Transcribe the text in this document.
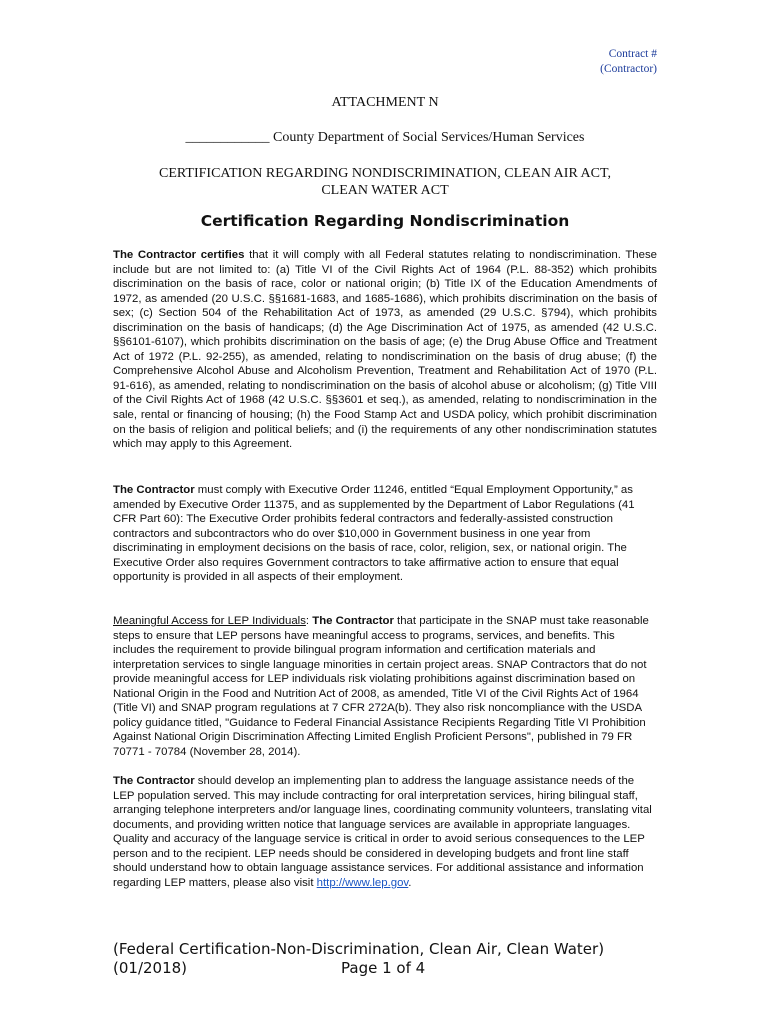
Contract #
(Contractor)
ATTACHMENT N
____________ County Department of Social Services/Human Services
CERTIFICATION REGARDING NONDISCRIMINATION, CLEAN AIR ACT,
CLEAN WATER ACT
Certification Regarding Nondiscrimination

The Contractor certifies that it will comply with all Federal statutes relating to nondiscrimination. These include but are not limited to: (a) Title VI of the Civil Rights Act of 1964 (P.L. 88-352) which prohibits discrimination on the basis of race, color or national origin; (b) Title IX of the Education Amendments of 1972, as amended (20 U.S.C. §§1681-1683, and 1685-1686), which prohibits discrimination on the basis of sex; (c) Section 504 of the Rehabilitation Act of 1973, as amended (29 U.S.C. §794), which prohibits discrimination on the basis of handicaps; (d) the Age Discrimination Act of 1975, as amended (42 U.S.C. §§6101-6107), which prohibits discrimination on the basis of age; (e) the Drug Abuse Office and Treatment Act of 1972 (P.L. 92-255), as amended, relating to nondiscrimination on the basis of drug abuse; (f) the Comprehensive Alcohol Abuse and Alcoholism Prevention, Treatment and Rehabilitation Act of 1970 (P.L. 91-616), as amended, relating to nondiscrimination on the basis of alcohol abuse or alcoholism; (g) Title VIII of the Civil Rights Act of 1968 (42 U.S.C. §§3601 et seq.), as amended, relating to nondiscrimination in the sale, rental or financing of housing; (h) the Food Stamp Act and USDA policy, which prohibit discrimination on the basis of religion and political beliefs; and (i) the requirements of any other nondiscrimination statutes which may apply to this Agreement.

The Contractor must comply with Executive Order 11246, entitled “Equal Employment Opportunity,” as amended by Executive Order 11375, and as supplemented by the Department of Labor Regulations (41 CFR Part 60): The Executive Order prohibits federal contractors and federally-assisted construction contractors and subcontractors who do over $10,000 in Government business in one year from discriminating in employment decisions on the basis of race, color, religion, sex, or national origin. The Executive Order also requires Government contractors to take affirmative action to ensure that equal opportunity is provided in all aspects of their employment.

Meaningful Access for LEP Individuals: The Contractor that participate in the SNAP must take reasonable steps to ensure that LEP persons have meaningful access to programs, services, and benefits. This includes the requirement to provide bilingual program information and certification materials and interpretation services to single language minorities in certain project areas. SNAP Contractors that do not provide meaningful access for LEP individuals risk violating prohibitions against discrimination based on National Origin in the Food and Nutrition Act of 2008, as amended, Title VI of the Civil Rights Act of 1964 (Title VI) and SNAP program regulations at 7 CFR 272A(b). They also risk noncompliance with the USDA policy guidance titled, "Guidance to Federal Financial Assistance Recipients Regarding Title VI Prohibition Against National Origin Discrimination Affecting Limited English Proficient Persons", published in 79 FR 70771 - 70784 (November 28, 2014).

The Contractor should develop an implementing plan to address the language assistance needs of the LEP population served. This may include contracting for oral interpretation services, hiring bilingual staff, arranging telephone interpreters and/or language lines, coordinating community volunteers, translating vital documents, and providing written notice that language services are available in appropriate languages. Quality and accuracy of the language service is critical in order to avoid serious consequences to the LEP person and to the recipient. LEP needs should be considered in developing budgets and front line staff should understand how to obtain language assistance services. For additional assistance and information regarding LEP matters, please also visit http://www.lep.gov.

(Federal Certification-Non-Discrimination, Clean Air, Clean Water)
(01/2018)	Page 1 of 4
